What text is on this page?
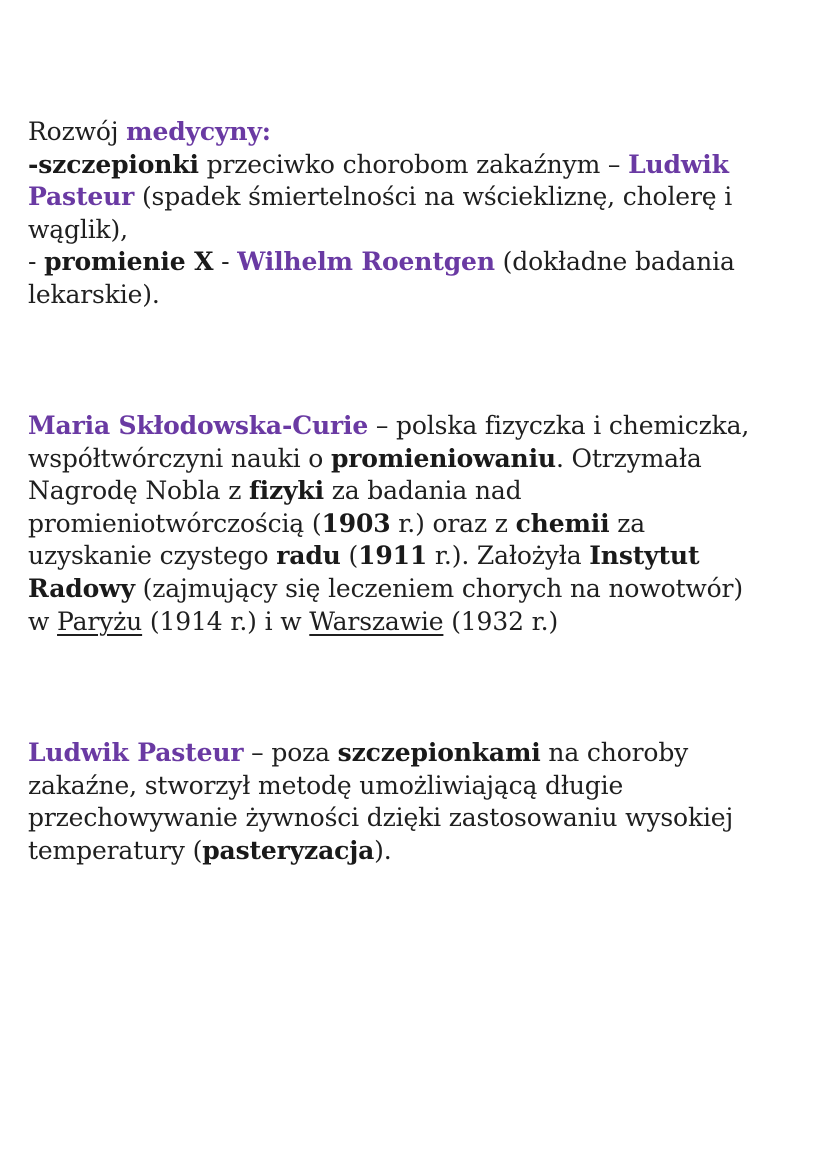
Rozwój medycyny:
-szczepionki przeciwko chorobom zakaźnym – Ludwik
Pasteur (spadek śmiertelności na wściekliznę, cholerę i
wąglik),
- promienie X - Wilhelm Roentgen (dokładne badania
lekarskie).

Maria Skłodowska-Curie – polska fizyczka i chemiczka,
współtwórczyni nauki o promieniowaniu. Otrzymała
Nagrodę Nobla z fizyki za badania nad
promieniotwórczością (1903 r.) oraz z chemii za
uzyskanie czystego radu (1911 r.). Założyła Instytut
Radowy (zajmujący się leczeniem chorych na nowotwór)
w Paryżu (1914 r.) i w Warszawie (1932 r.)

Ludwik Pasteur – poza szczepionkami na choroby
zakaźne, stworzył metodę umożliwiającą długie
przechowywanie żywności dzięki zastosowaniu wysokiej
temperatury (pasteryzacja).
